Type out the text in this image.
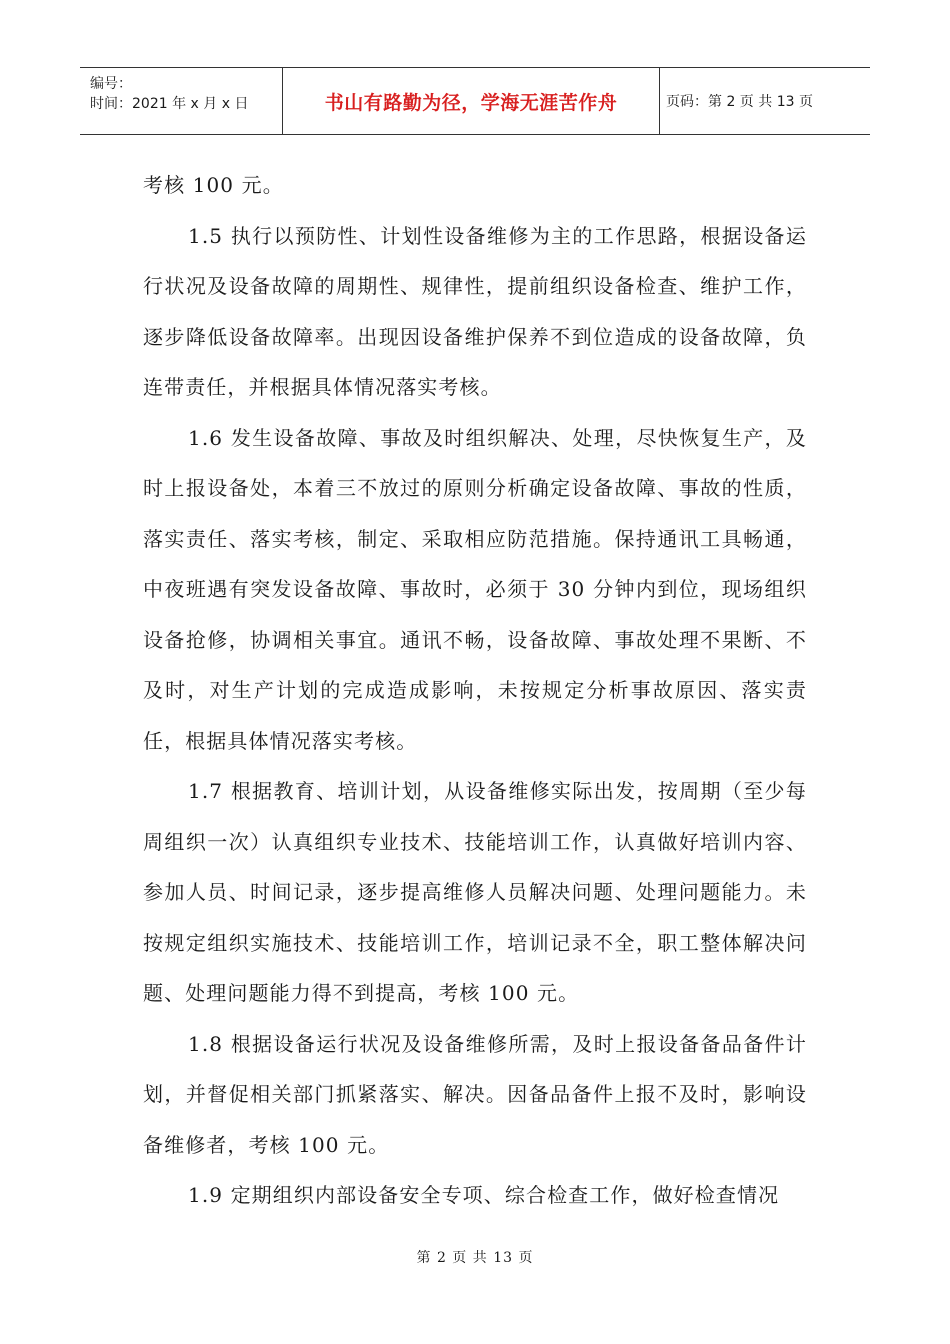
编号：
时间：2021 年 x 月 x 日	书山有路勤为径，学海无涯苦作舟	页码：第 2 页 共 13 页

考核 100 元。

1.5 执行以预防性、计划性设备维修为主的工作思路，根据设备运行状况及设备故障的周期性、规律性，提前组织设备检查、维护工作，逐步降低设备故障率。出现因设备维护保养不到位造成的设备故障，负连带责任，并根据具体情况落实考核。

1.6 发生设备故障、事故及时组织解决、处理，尽快恢复生产，及时上报设备处，本着三不放过的原则分析确定设备故障、事故的性质，落实责任、落实考核，制定、采取相应防范措施。保持通讯工具畅通，中夜班遇有突发设备故障、事故时，必须于 30 分钟内到位，现场组织设备抢修，协调相关事宜。通讯不畅，设备故障、事故处理不果断、不及时，对生产计划的完成造成影响，未按规定分析事故原因、落实责任，根据具体情况落实考核。

1.7 根据教育、培训计划，从设备维修实际出发，按周期（至少每周组织一次）认真组织专业技术、技能培训工作，认真做好培训内容、参加人员、时间记录，逐步提高维修人员解决问题、处理问题能力。未按规定组织实施技术、技能培训工作，培训记录不全，职工整体解决问题、处理问题能力得不到提高，考核 100 元。

1.8 根据设备运行状况及设备维修所需，及时上报设备备品备件计划，并督促相关部门抓紧落实、解决。因备品备件上报不及时，影响设备维修者，考核 100 元。

1.9 定期组织内部设备安全专项、综合检查工作，做好检查情况

第 2 页 共 13 页
